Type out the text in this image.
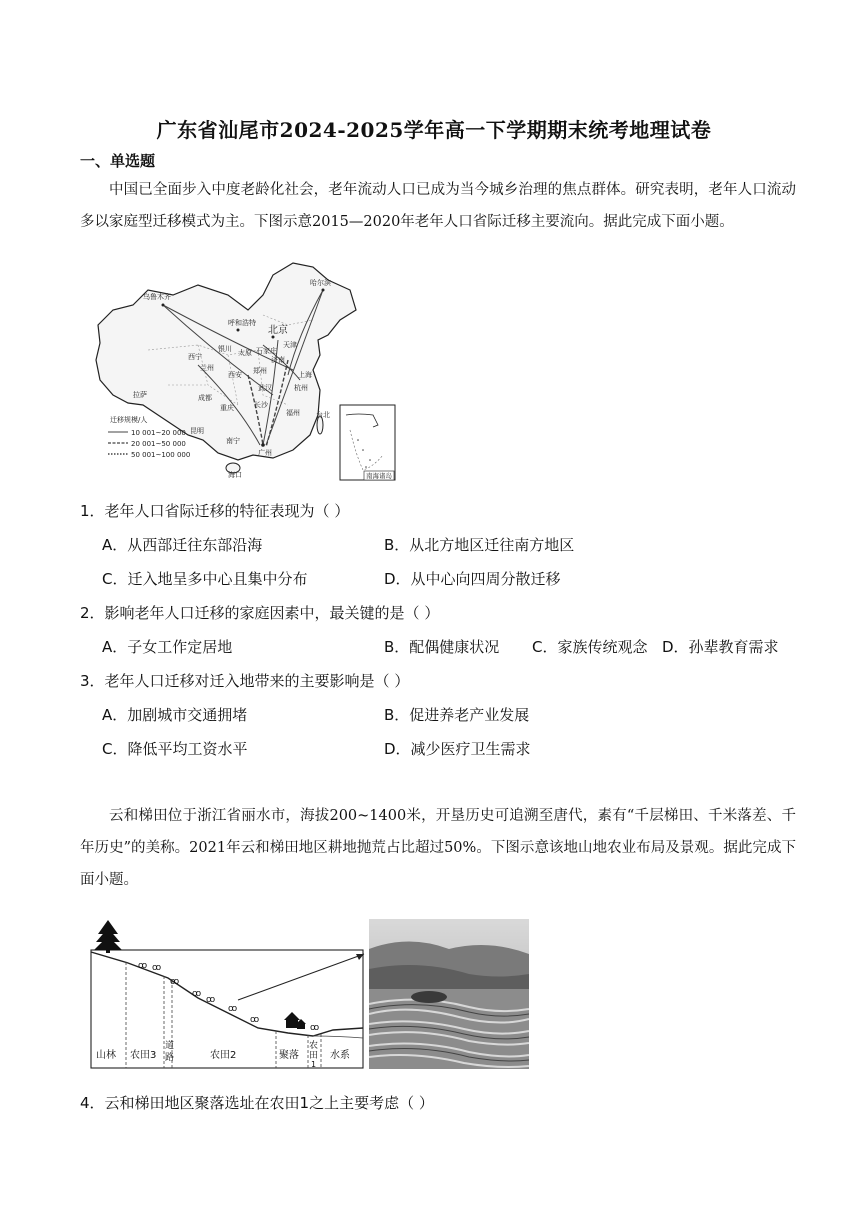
广东省汕尾市2024-2025学年高一下学期期末统考地理试卷
一、单选题
中国已全面步入中度老龄化社会，老年流动人口已成为当今城乡治理的焦点群体。研究表明，老年人口流动多以家庭型迁移模式为主。下图示意2015—2020年老年人口省际迁移主要流向。据此完成下面小题。
乌鲁木齐
哈尔滨
呼和浩特
北京
天津
银川	石家庄
太原
西宁
兰州
济南
郑州
西安
拉萨	成都
武汉
上海
杭州
重庆	长沙
昆明
南宁
广州
海口
福州 台北
迁移规模/人
10 001~20 000
20 001~50 000
50 001~100 000
南海诸岛
1．老年人口省际迁移的特征表现为（ ）
A．从西部迁往东部沿海	B．从北方地区迁往南方地区
C．迁入地呈多中心且集中分布	D．从中心向四周分散迁移
2．影响老年人口迁移的家庭因素中，最关键的是（ ）
A．子女工作定居地	B．配偶健康状况 C．家族传统观念 D．孙辈教育需求
3．老年人口迁移对迁入地带来的主要影响是（ ）
A．加剧城市交通拥堵	B．促进养老产业发展
C．降低平均工资水平	D．减少医疗卫生需求
云和梯田位于浙江省丽水市，海拔200~1400米，开垦历史可追溯至唐代，素有“千层梯田、千米落差、千年历史”的美称。2021年云和梯田地区耕地抛荒占比超过50%。下图示意该地山地农业布局及景观。据此完成下面小题。
ꝏ ꝏ
ꝏ
ꝏ
ꝏ
ꝏ
ꝏ
ꝏ
山林 农田3
道
路	农田2	聚落
农
田
1
水系
4．云和梯田地区聚落选址在农田1之上主要考虑（ ）
